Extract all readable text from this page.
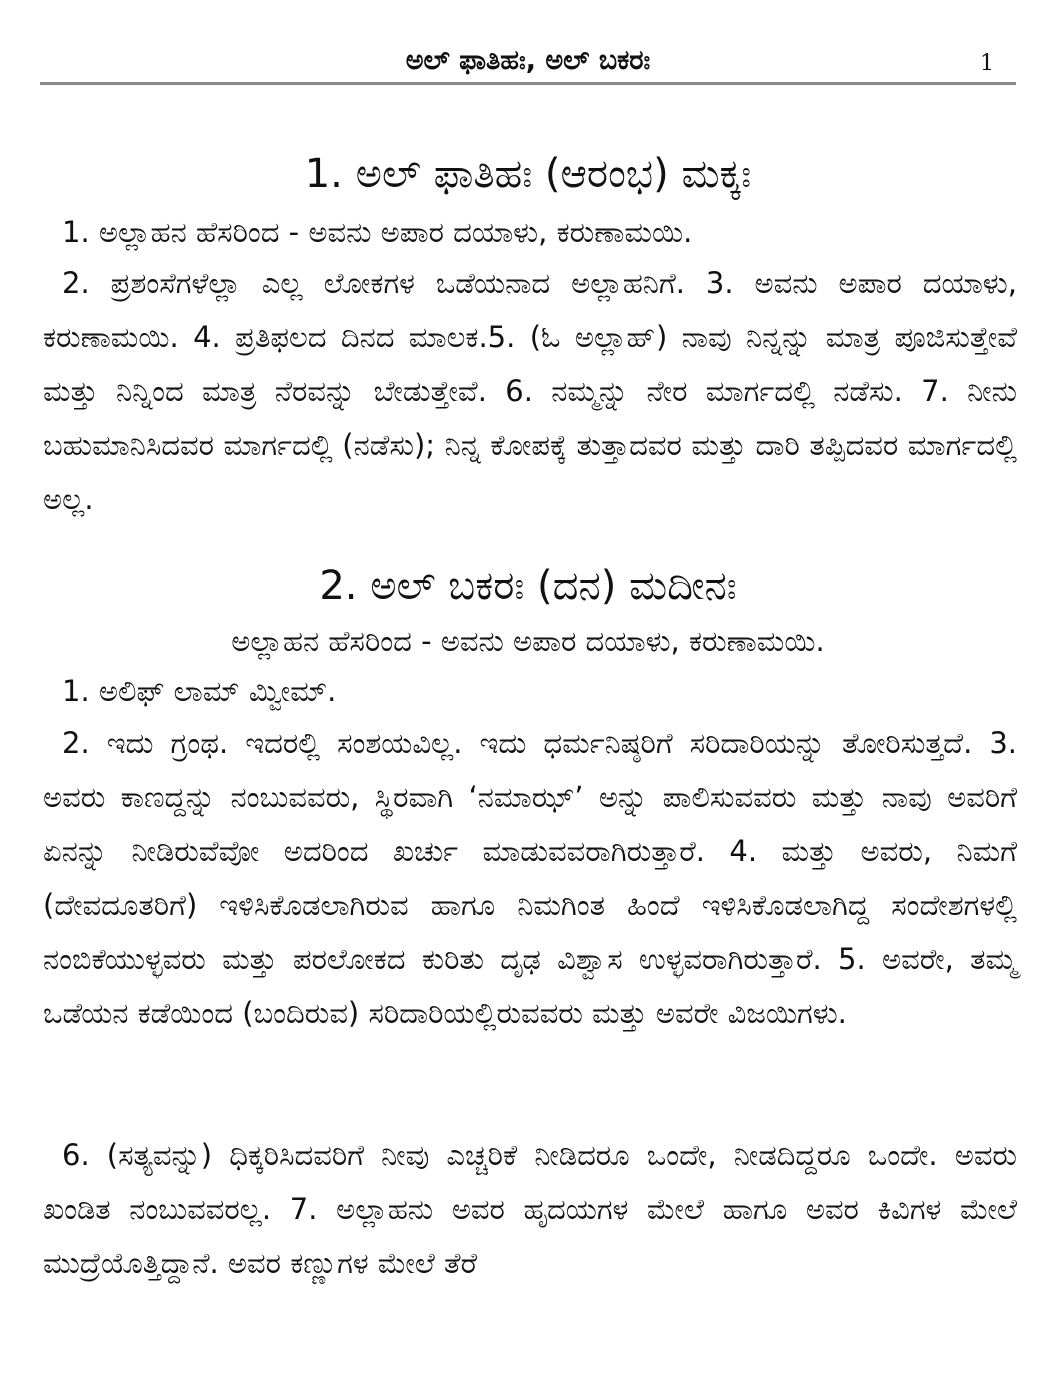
ಅಲ್ ಫಾತಿಹಃ, ಅಲ್ ಬಕರಃ	1
1. ಅಲ್ ಫಾತಿಹಃ (ಆರಂಭ) ಮಕ್ಕಃ

1. ಅಲ್ಲಾಹನ ಹೆಸರಿಂದ - ಅವನು ಅಪಾರ ದಯಾಳು, ಕರುಣಾಮಯಿ.

2. ಪ್ರಶಂಸೆಗಳೆಲ್ಲಾ ಎಲ್ಲ ಲೋಕಗಳ ಒಡೆಯನಾದ ಅಲ್ಲಾಹನಿಗೆ. 3. ಅವನು ಅಪಾರ ದಯಾಳು, ಕರುಣಾಮಯಿ. 4. ಪ್ರತಿಫಲದ ದಿನದ ಮಾಲಕ.5. (ಓ ಅಲ್ಲಾಹ್) ನಾವು ನಿನ್ನನ್ನು ಮಾತ್ರ ಪೂಜಿಸುತ್ತೇವೆ ಮತ್ತು ನಿನ್ನಿಂದ ಮಾತ್ರ ನೆರವನ್ನು ಬೇಡುತ್ತೇವೆ. 6. ನಮ್ಮನ್ನು ನೇರ ಮಾರ್ಗದಲ್ಲಿ ನಡೆಸು. 7. ನೀನು ಬಹುಮಾನಿಸಿದವರ ಮಾರ್ಗದಲ್ಲಿ (ನಡೆಸು); ನಿನ್ನ ಕೋಪಕ್ಕೆ ತುತ್ತಾದವರ ಮತ್ತು ದಾರಿ ತಪ್ಪಿದವರ ಮಾರ್ಗದಲ್ಲಿ ಅಲ್ಲ.

2. ಅಲ್ ಬಕರಃ (ದನ) ಮದೀನಃ
ಅಲ್ಲಾಹನ ಹೆಸರಿಂದ - ಅವನು ಅಪಾರ ದಯಾಳು, ಕರುಣಾಮಯಿ.

1. ಅಲಿಫ್ ಲಾಮ್ ಮ್ವೀಮ್.

2. ಇದು ಗ್ರಂಥ. ಇದರಲ್ಲಿ ಸಂಶಯವಿಲ್ಲ. ಇದು ಧರ್ಮನಿಷ್ಠರಿಗೆ ಸರಿದಾರಿಯನ್ನು ತೋರಿಸುತ್ತದೆ. 3. ಅವರು ಕಾಣದ್ದನ್ನು ನಂಬುವವರು, ಸ್ಥಿರವಾಗಿ ‘ನಮಾಝ್’ ಅನ್ನು ಪಾಲಿಸುವವರು ಮತ್ತು ನಾವು ಅವರಿಗೆ ಏನನ್ನು ನೀಡಿರುವೆವೋ ಅದರಿಂದ ಖರ್ಚು ಮಾಡುವವರಾಗಿರುತ್ತಾರೆ. 4. ಮತ್ತು ಅವರು, ನಿಮಗೆ (ದೇವದೂತರಿಗೆ) ಇಳಿಸಿಕೊಡಲಾಗಿರುವ ಹಾಗೂ ನಿಮಗಿಂತ ಹಿಂದೆ ಇಳಿಸಿಕೊಡಲಾಗಿದ್ದ ಸಂದೇಶಗಳಲ್ಲಿ ನಂಬಿಕೆಯುಳ್ಳವರು ಮತ್ತು ಪರಲೋಕದ ಕುರಿತು ದೃಢ ವಿಶ್ವಾಸ ಉಳ್ಳವರಾಗಿರುತ್ತಾರೆ. 5. ಅವರೇ, ತಮ್ಮ ಒಡೆಯನ ಕಡೆಯಿಂದ (ಬಂದಿರುವ) ಸರಿದಾರಿಯಲ್ಲಿರುವವರು ಮತ್ತು ಅವರೇ ವಿಜಯಿಗಳು.

6. (ಸತ್ಯವನ್ನು) ಧಿಕ್ಕರಿಸಿದವರಿಗೆ ನೀವು ಎಚ್ಚರಿಕೆ ನೀಡಿದರೂ ಒಂದೇ, ನೀಡದಿದ್ದರೂ ಒಂದೇ. ಅವರು ಖಂಡಿತ ನಂಬುವವರಲ್ಲ. 7. ಅಲ್ಲಾಹನು ಅವರ ಹೃದಯಗಳ ಮೇಲೆ ಹಾಗೂ ಅವರ ಕಿವಿಗಳ ಮೇಲೆ ಮುದ್ರೆಯೊತ್ತಿದ್ದಾನೆ. ಅವರ ಕಣ್ಣುಗಳ ಮೇಲೆ ತೆರೆ
